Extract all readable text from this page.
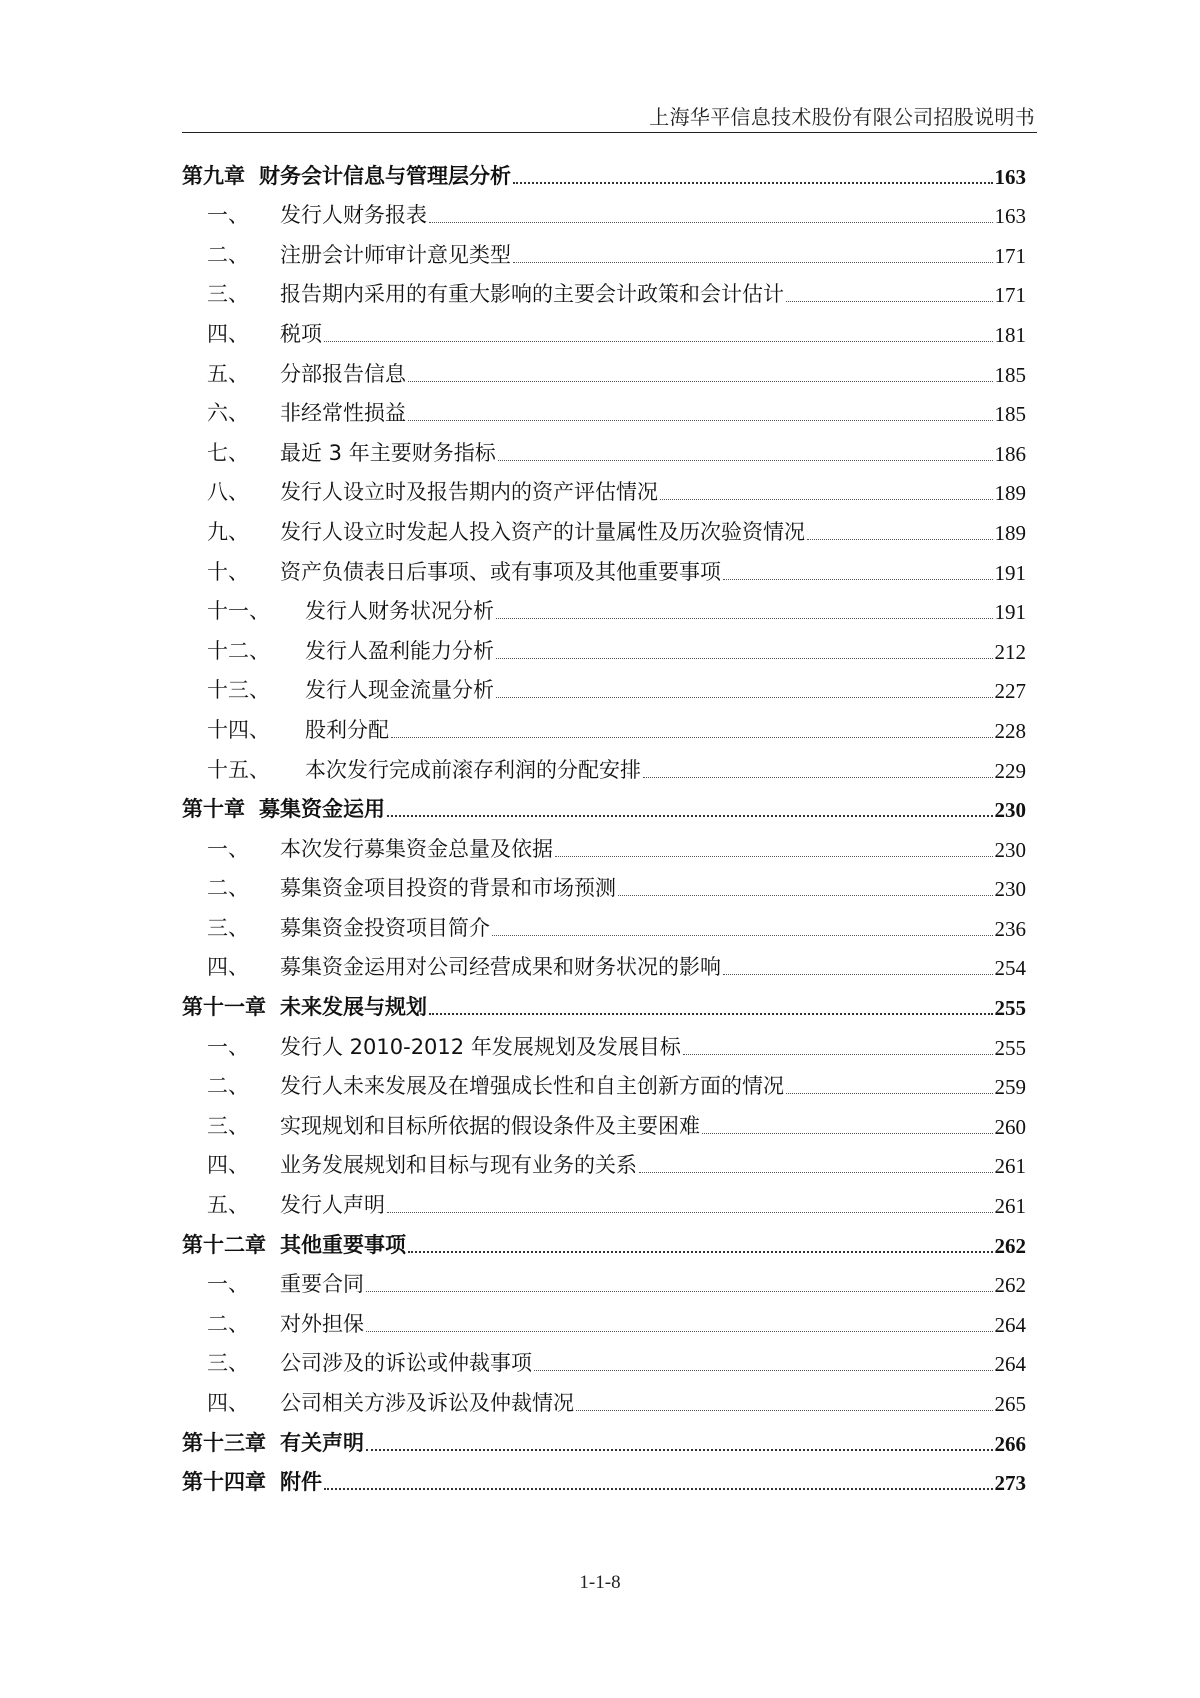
上海华平信息技术股份有限公司招股说明书
第九章 财务会计信息与管理层分析	163
一、	发行人财务报表	163
二、	注册会计师审计意见类型	171
三、	报告期内采用的有重大影响的主要会计政策和会计估计	171
四、	税项	181
五、	分部报告信息	185
六、	非经常性损益	185
七、	最近 3 年主要财务指标	186
八、	发行人设立时及报告期内的资产评估情况	189
九、	发行人设立时发起人投入资产的计量属性及历次验资情况	189
十、	资产负债表日后事项、或有事项及其他重要事项	191
十一、	发行人财务状况分析	191
十二、	发行人盈利能力分析	212
十三、	发行人现金流量分析	227
十四、	股利分配	228
十五、	本次发行完成前滚存利润的分配安排	229
第十章 募集资金运用	230
一、	本次发行募集资金总量及依据	230
二、	募集资金项目投资的背景和市场预测	230
三、	募集资金投资项目简介	236
四、	募集资金运用对公司经营成果和财务状况的影响	254
第十一章 未来发展与规划	255
一、	发行人 2010-2012 年发展规划及发展目标	255
二、	发行人未来发展及在增强成长性和自主创新方面的情况	259
三、	实现规划和目标所依据的假设条件及主要困难	260
四、	业务发展规划和目标与现有业务的关系	261
五、	发行人声明	261
第十二章 其他重要事项	262
一、	重要合同	262
二、	对外担保	264
三、	公司涉及的诉讼或仲裁事项	264
四、	公司相关方涉及诉讼及仲裁情况	265
第十三章 有关声明	266
第十四章 附件	273
1-1-8
